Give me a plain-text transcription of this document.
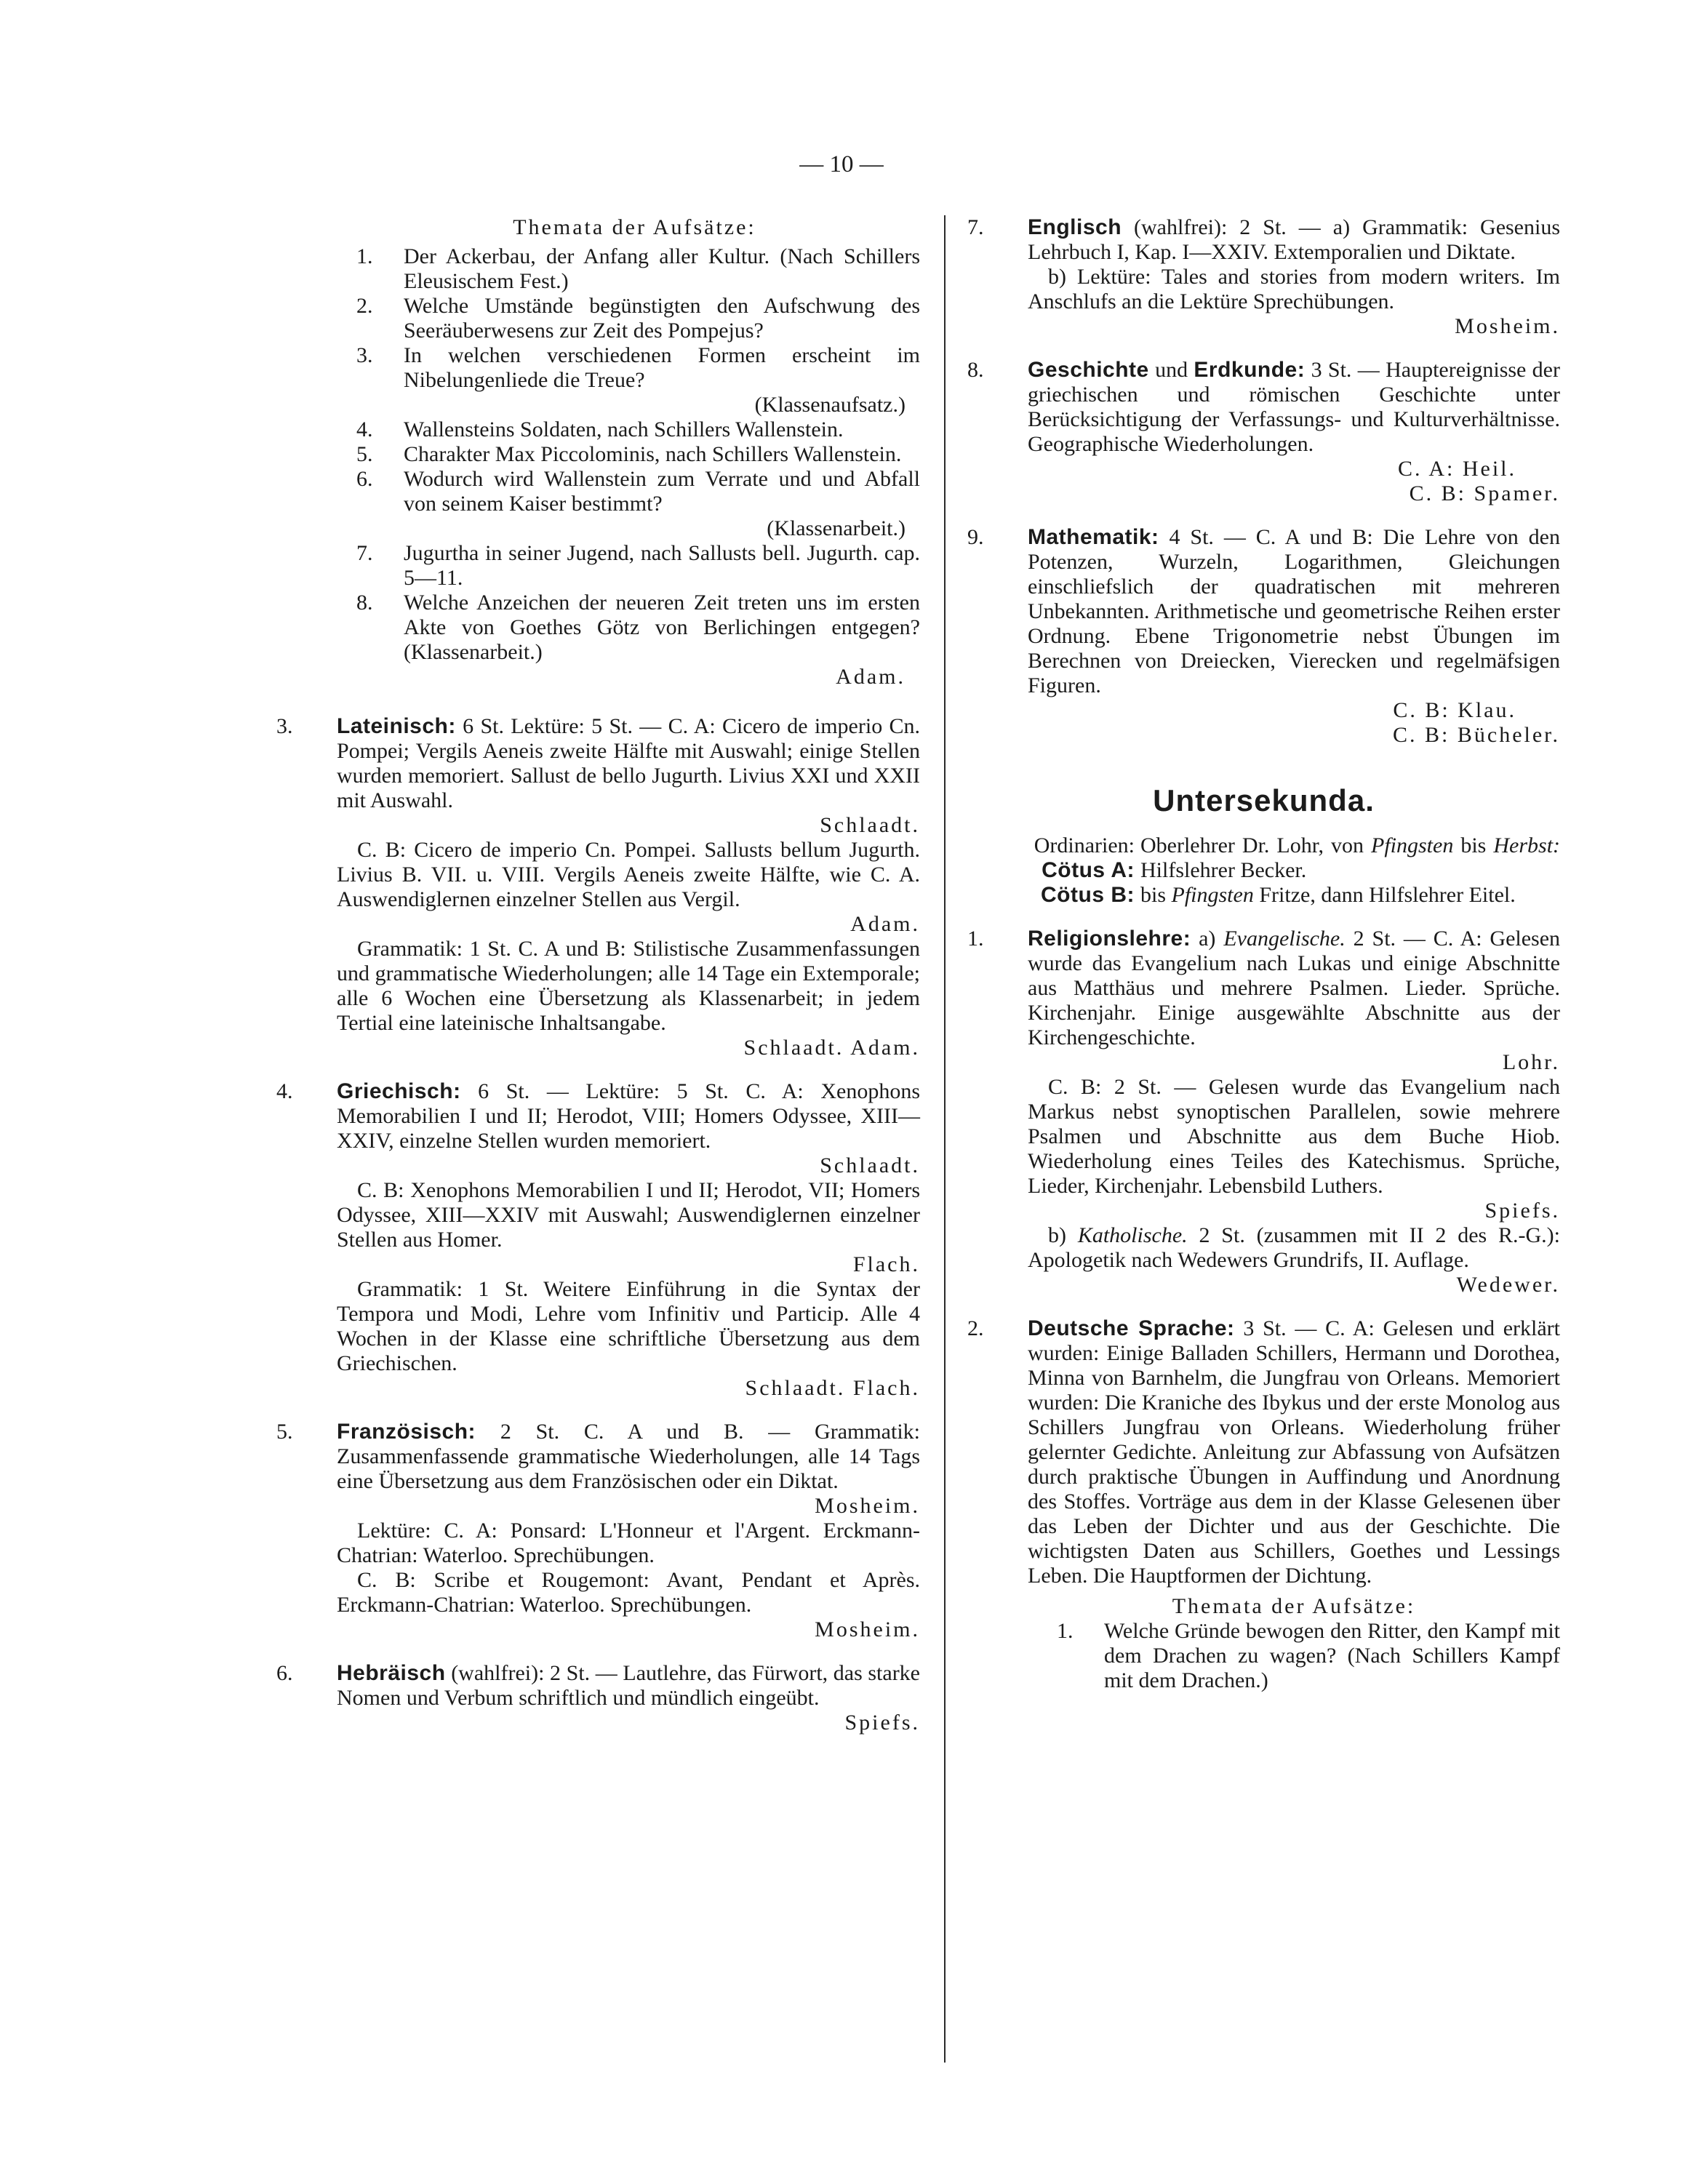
— 10 —
Themata der Aufsätze:
1. Der Ackerbau, der Anfang aller Kultur. (Nach Schillers Eleusischem Fest.)
2. Welche Umstände begünstigten den Aufschwung des Seeräuberwesens zur Zeit des Pompejus?
3. In welchen verschiedenen Formen erscheint im Nibelungenliede die Treue?
(Klassenaufsatz.)
4. Wallensteins Soldaten, nach Schillers Wallenstein.
5. Charakter Max Piccolominis, nach Schillers Wallenstein.
6. Wodurch wird Wallenstein zum Verrate und und Abfall von seinem Kaiser bestimmt?
(Klassenarbeit.)
7. Jugurtha in seiner Jugend, nach Sallusts bell. Jugurth. cap. 5—11.
8. Welche Anzeichen der neueren Zeit treten uns im ersten Akte von Goethes Götz von Berlichingen entgegen? (Klassenarbeit.)
Adam.
3. Lateinisch: 6 St. Lektüre: 5 St. — C. A: Cicero de imperio Cn. Pompei; Vergils Aeneis zweite Hälfte mit Auswahl; einige Stellen wurden memoriert. Sallust de bello Jugurth. Livius XXI und XXII mit Auswahl.
Schlaadt.
C. B: Cicero de imperio Cn. Pompei. Sallusts bellum Jugurth. Livius B. VII. u. VIII. Vergils Aeneis zweite Hälfte, wie C. A. Auswendiglernen einzelner Stellen aus Vergil.
Adam.
Grammatik: 1 St. C. A und B: Stilistische Zusammenfassungen und grammatische Wiederholungen; alle 14 Tage ein Extemporale; alle 6 Wochen eine Übersetzung als Klassenarbeit; in jedem Tertial eine lateinische Inhaltsangabe.
Schlaadt. Adam.
4. Griechisch: 6 St. — Lektüre: 5 St. C. A: Xenophons Memorabilien I und II; Herodot, VIII; Homers Odyssee, XIII—XXIV, einzelne Stellen wurden memoriert.
Schlaadt.
C. B: Xenophons Memorabilien I und II; Herodot, VII; Homers Odyssee, XIII—XXIV mit Auswahl; Auswendiglernen einzelner Stellen aus Homer.
Flach.
Grammatik: 1 St. Weitere Einführung in die Syntax der Tempora und Modi, Lehre vom Infinitiv und Particip. Alle 4 Wochen in der Klasse eine schriftliche Übersetzung aus dem Griechischen.
Schlaadt. Flach.
5. Französisch: 2 St. C. A und B. — Grammatik: Zusammenfassende grammatische Wiederholungen, alle 14 Tags eine Übersetzung aus dem Französischen oder ein Diktat.
Mosheim.
Lektüre: C. A: Ponsard: L'Honneur et l'Argent. Erckmann-Chatrian: Waterloo. Sprechübungen.
C. B: Scribe et Rougemont: Avant, Pendant et Après. Erckmann-Chatrian: Waterloo. Sprechübungen.
Mosheim.
6. Hebräisch (wahlfrei): 2 St. — Lautlehre, das Fürwort, das starke Nomen und Verbum schriftlich und mündlich eingeübt.
Spiefs.
7. Englisch (wahlfrei): 2 St. — a) Grammatik: Gesenius Lehrbuch I, Kap. I—XXIV. Extemporalien und Diktate.
b) Lektüre: Tales and stories from modern writers. Im Anschlufs an die Lektüre Sprechübungen.
Mosheim.
8. Geschichte und Erdkunde: 3 St. — Hauptereignisse der griechischen und römischen Geschichte unter Berücksichtigung der Verfassungs- und Kulturverhältnisse. Geographische Wiederholungen.
C. A: Heil.
C. B: Spamer.
9. Mathematik: 4 St. — C. A und B: Die Lehre von den Potenzen, Wurzeln, Logarithmen, Gleichungen einschliefslich der quadratischen mit mehreren Unbekannten. Arithmetische und geometrische Reihen erster Ordnung. Ebene Trigonometrie nebst Übungen im Berechnen von Dreiecken, Vierecken und regelmäfsigen Figuren.
C. B: Klau.
C. B: Bücheler.
Untersekunda.
Ordinarien: Cötus A:
Oberlehrer Dr. Lohr, von Pfingsten bis Herbst: Hilfslehrer Becker.
Cötus B: bis Pfingsten Fritze, dann Hilfslehrer Eitel.
1. Religionslehre: a) Evangelische. 2 St. — C. A: Gelesen wurde das Evangelium nach Lukas und einige Abschnitte aus Matthäus und mehrere Psalmen. Lieder. Sprüche. Kirchenjahr. Einige ausgewählte Abschnitte aus der Kirchengeschichte.
Lohr.
C. B: 2 St. — Gelesen wurde das Evangelium nach Markus nebst synoptischen Parallelen, sowie mehrere Psalmen und Abschnitte aus dem Buche Hiob. Wiederholung eines Teiles des Katechismus. Sprüche, Lieder, Kirchenjahr. Lebensbild Luthers.
Spiefs.
b) Katholische. 2 St. (zusammen mit II 2 des R.-G.): Apologetik nach Wedewers Grundrifs, II. Auflage.
Wedewer.
2. Deutsche Sprache: 3 St. — C. A: Gelesen und erklärt wurden: Einige Balladen Schillers, Hermann und Dorothea, Minna von Barnhelm, die Jungfrau von Orleans. Memoriert wurden: Die Kraniche des Ibykus und der erste Monolog aus Schillers Jungfrau von Orleans. Wiederholung früher gelernter Gedichte. Anleitung zur Abfassung von Aufsätzen durch praktische Übungen in Auffindung und Anordnung des Stoffes. Vorträge aus dem in der Klasse Gelesenen über das Leben der Dichter und aus der Geschichte. Die wichtigsten Daten aus Schillers, Goethes und Lessings Leben. Die Hauptformen der Dichtung.
Themata der Aufsätze:
1. Welche Gründe bewogen den Ritter, den Kampf mit dem Drachen zu wagen? (Nach Schillers Kampf mit dem Drachen.)
